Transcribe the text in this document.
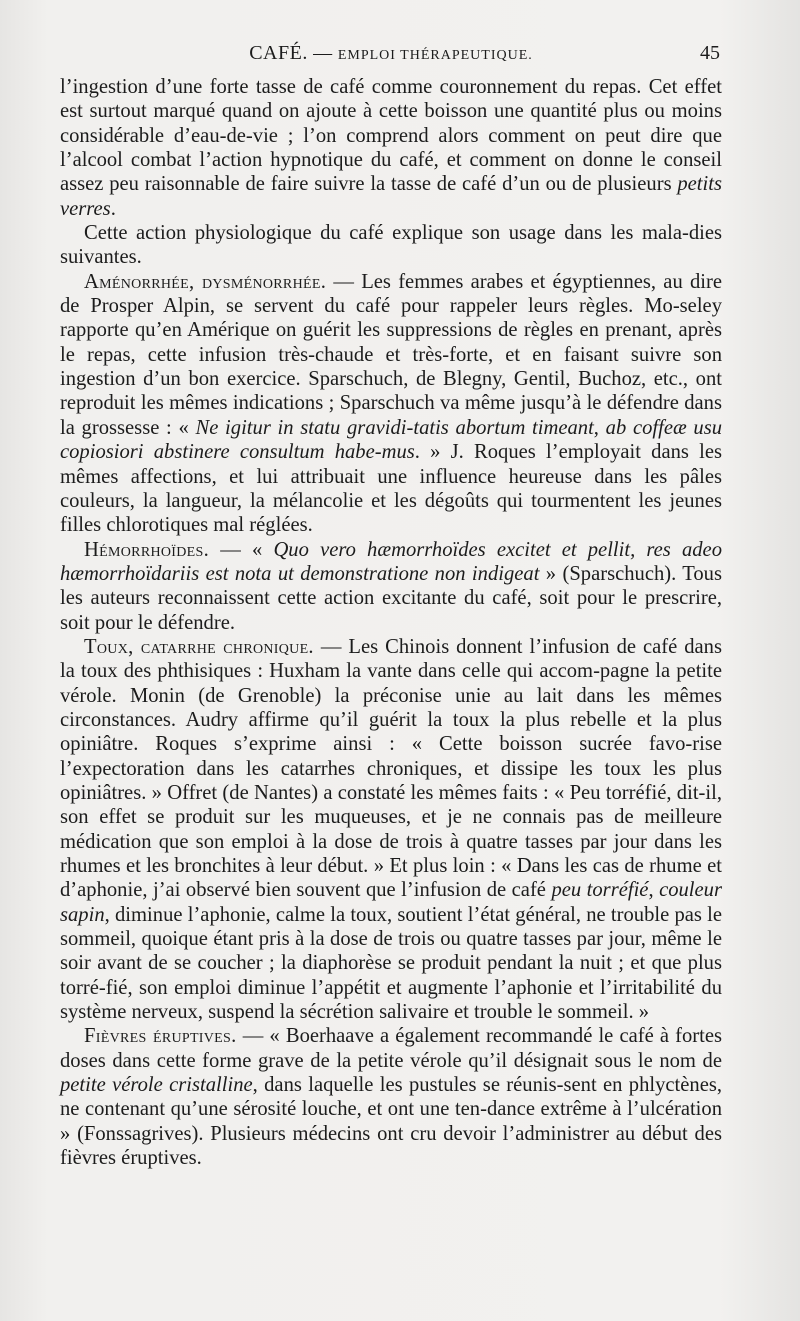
CAFÉ. — EMPLOI THÉRAPEUTIQUE.	45

l’ingestion d’une forte tasse de café comme couronnement du repas. Cet effet est surtout marqué quand on ajoute à cette boisson une quantité plus ou moins considérable d’eau-de-vie ; l’on comprend alors comment on peut dire que l’alcool combat l’action hypnotique du café, et comment on donne le conseil assez peu raisonnable de faire suivre la tasse de café d’un ou de plusieurs petits verres.

Cette action physiologique du café explique son usage dans les mala-dies suivantes.

Aménorrhée, dysménorrhée. — Les femmes arabes et égyptiennes, au dire de Prosper Alpin, se servent du café pour rappeler leurs règles. Mo-seley rapporte qu’en Amérique on guérit les suppressions de règles en prenant, après le repas, cette infusion très-chaude et très-forte, et en faisant suivre son ingestion d’un bon exercice. Sparschuch, de Blegny, Gentil, Buchoz, etc., ont reproduit les mêmes indications ; Sparschuch va même jusqu’à le défendre dans la grossesse : « Ne igitur in statu gravidi-tatis abortum timeant, ab coffeæ usu copiosiori abstinere consultum habe-mus. » J. Roques l’employait dans les mêmes affections, et lui attribuait une influence heureuse dans les pâles couleurs, la langueur, la mélancolie et les dégoûts qui tourmentent les jeunes filles chlorotiques mal réglées.

Hémorrhoïdes. — « Quo vero hæmorrhoïdes excitet et pellit, res adeo hæmorrhoïdariis est nota ut demonstratione non indigeat » (Sparschuch). Tous les auteurs reconnaissent cette action excitante du café, soit pour le prescrire, soit pour le défendre.

Toux, catarrhe chronique. — Les Chinois donnent l’infusion de café dans la toux des phthisiques : Huxham la vante dans celle qui accom-pagne la petite vérole. Monin (de Grenoble) la préconise unie au lait dans les mêmes circonstances. Audry affirme qu’il guérit la toux la plus rebelle et la plus opiniâtre. Roques s’exprime ainsi : « Cette boisson sucrée favo-rise l’expectoration dans les catarrhes chroniques, et dissipe les toux les plus opiniâtres. » Offret (de Nantes) a constaté les mêmes faits : « Peu torréfié, dit-il, son effet se produit sur les muqueuses, et je ne connais pas de meilleure médication que son emploi à la dose de trois à quatre tasses par jour dans les rhumes et les bronchites à leur début. » Et plus loin : « Dans les cas de rhume et d’aphonie, j’ai observé bien souvent que l’infusion de café peu torréfié, couleur sapin, diminue l’aphonie, calme la toux, soutient l’état général, ne trouble pas le sommeil, quoique étant pris à la dose de trois ou quatre tasses par jour, même le soir avant de se coucher ; la diaphorèse se produit pendant la nuit ; et que plus torré-fié, son emploi diminue l’appétit et augmente l’aphonie et l’irritabilité du système nerveux, suspend la sécrétion salivaire et trouble le sommeil. »

Fièvres éruptives. — « Boerhaave a également recommandé le café à fortes doses dans cette forme grave de la petite vérole qu’il désignait sous le nom de petite vérole cristalline, dans laquelle les pustules se réunis-sent en phlyctènes, ne contenant qu’une sérosité louche, et ont une ten-dance extrême à l’ulcération » (Fonssagrives). Plusieurs médecins ont cru devoir l’administrer au début des fièvres éruptives.
